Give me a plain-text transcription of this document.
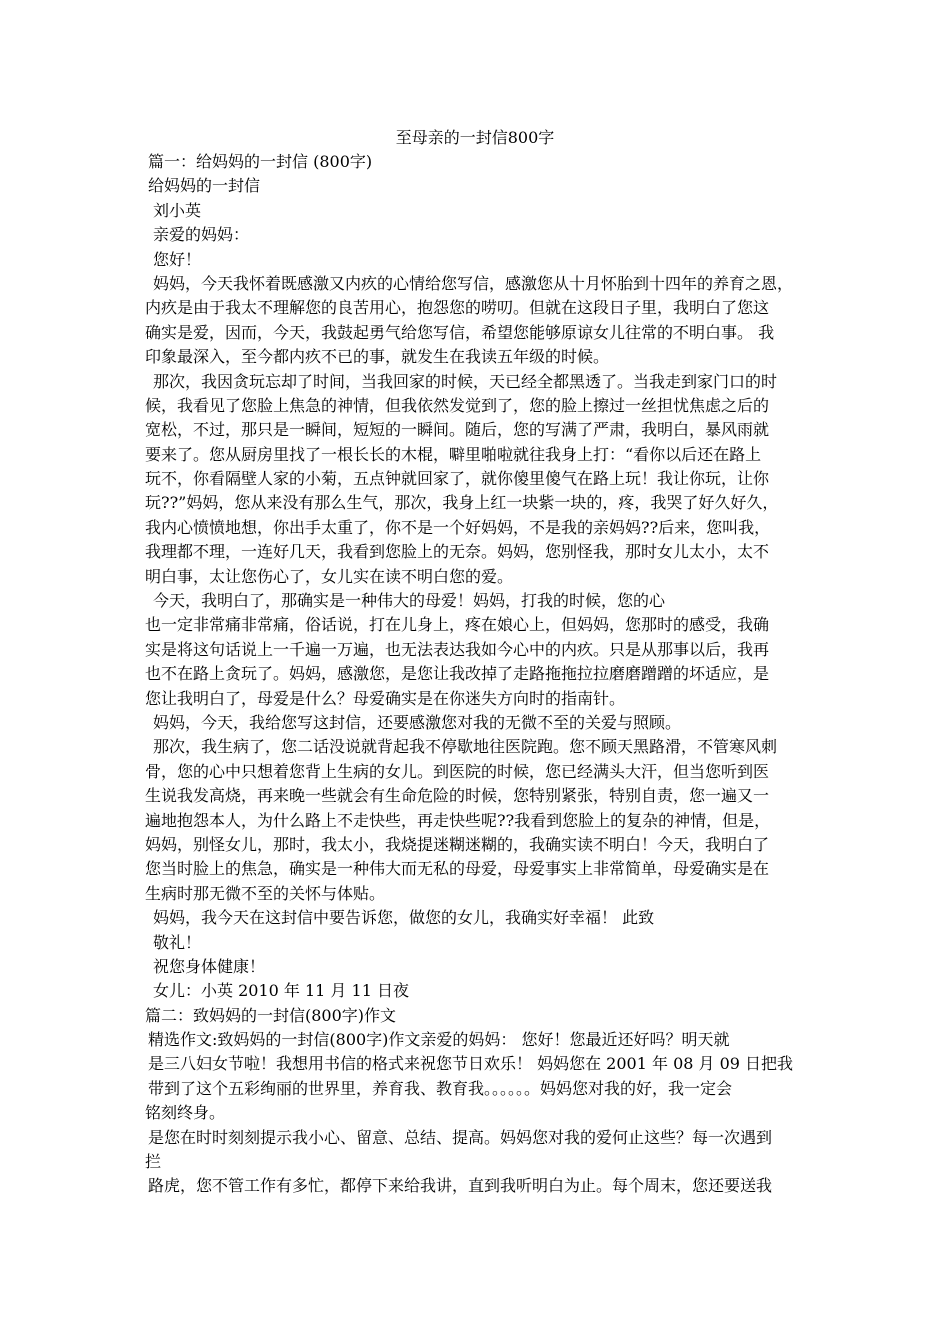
至母亲的一封信800字
篇一：给妈妈的一封信 (800字)
给妈妈的一封信
刘小英
亲爱的妈妈：
您好！
妈妈，今天我怀着既感激又内疚的心情给您写信，感激您从十月怀胎到十四年的养育之恩，
内疚是由于我太不理解您的良苦用心，抱怨您的唠叨。但就在这段日子里，我明白了您这
确实是爱，因而，今天，我鼓起勇气给您写信，希望您能够原谅女儿往常的不明白事。 我
印象最深入，至今都内疚不已的事，就发生在我读五年级的时候。
那次，我因贪玩忘却了时间，当我回家的时候，天已经全都黑透了。当我走到家门口的时
候，我看见了您脸上焦急的神情，但我依然发觉到了，您的脸上擦过一丝担忧焦虑之后的
宽松，不过，那只是一瞬间，短短的一瞬间。随后，您的写满了严肃，我明白，暴风雨就
要来了。您从厨房里找了一根长长的木棍，噼里啪啦就往我身上打：“看你以后还在路上
玩不，你看隔壁人家的小菊，五点钟就回家了，就你傻里傻气在路上玩！我让你玩，让你
玩??”妈妈，您从来没有那么生气，那次，我身上红一块紫一块的，疼，我哭了好久好久，
我内心愤愤地想，你出手太重了，你不是一个好妈妈，不是我的亲妈妈??后来，您叫我，
我理都不理，一连好几天，我看到您脸上的无奈。妈妈，您别怪我，那时女儿太小，太不
明白事，太让您伤心了，女儿实在读不明白您的爱。
今天，我明白了，那确实是一种伟大的母爱！妈妈，打我的时候，您的心
也一定非常痛非常痛，俗话说，打在儿身上，疼在娘心上，但妈妈，您那时的感受，我确
实是将这句话说上一千遍一万遍，也无法表达我如今心中的内疚。只是从那事以后，我再
也不在路上贪玩了。妈妈，感激您，是您让我改掉了走路拖拖拉拉磨磨蹭蹭的坏适应，是
您让我明白了，母爱是什么？母爱确实是在你迷失方向时的指南针。
妈妈，今天，我给您写这封信，还要感激您对我的无微不至的关爱与照顾。
那次，我生病了，您二话没说就背起我不停歇地往医院跑。您不顾天黑路滑，不管寒风刺
骨，您的心中只想着您背上生病的女儿。到医院的时候，您已经满头大汗，但当您听到医
生说我发高烧，再来晚一些就会有生命危险的时候，您特别紧张，特别自责，您一遍又一
遍地抱怨本人，为什么路上不走快些，再走快些呢??我看到您脸上的复杂的神情，但是，
妈妈，别怪女儿，那时，我太小，我烧提迷糊迷糊的，我确实读不明白！今天，我明白了
您当时脸上的焦急，确实是一种伟大而无私的母爱，母爱事实上非常简单，母爱确实是在
生病时那无微不至的关怀与体贴。
妈妈，我今天在这封信中要告诉您，做您的女儿，我确实好幸福！ 此致
敬礼！
祝您身体健康！
女儿：小英 2010 年 11 月 11 日夜
篇二：致妈妈的一封信(800字)作文
精选作文:致妈妈的一封信(800字)作文亲爱的妈妈： 您好！您最近还好吗？明天就
是三八妇女节啦！我想用书信的格式来祝您节日欢乐！ 妈妈您在 2001 年 08 月 09 日把我
带到了这个五彩绚丽的世界里，养育我、教育我。。。。。。妈妈您对我的好，我一定会
铭刻终身。
是您在时时刻刻提示我小心、留意、总结、提高。妈妈您对我的爱何止这些？每一次遇到
拦
路虎，您不管工作有多忙，都停下来给我讲，直到我听明白为止。每个周末，您还要送我
